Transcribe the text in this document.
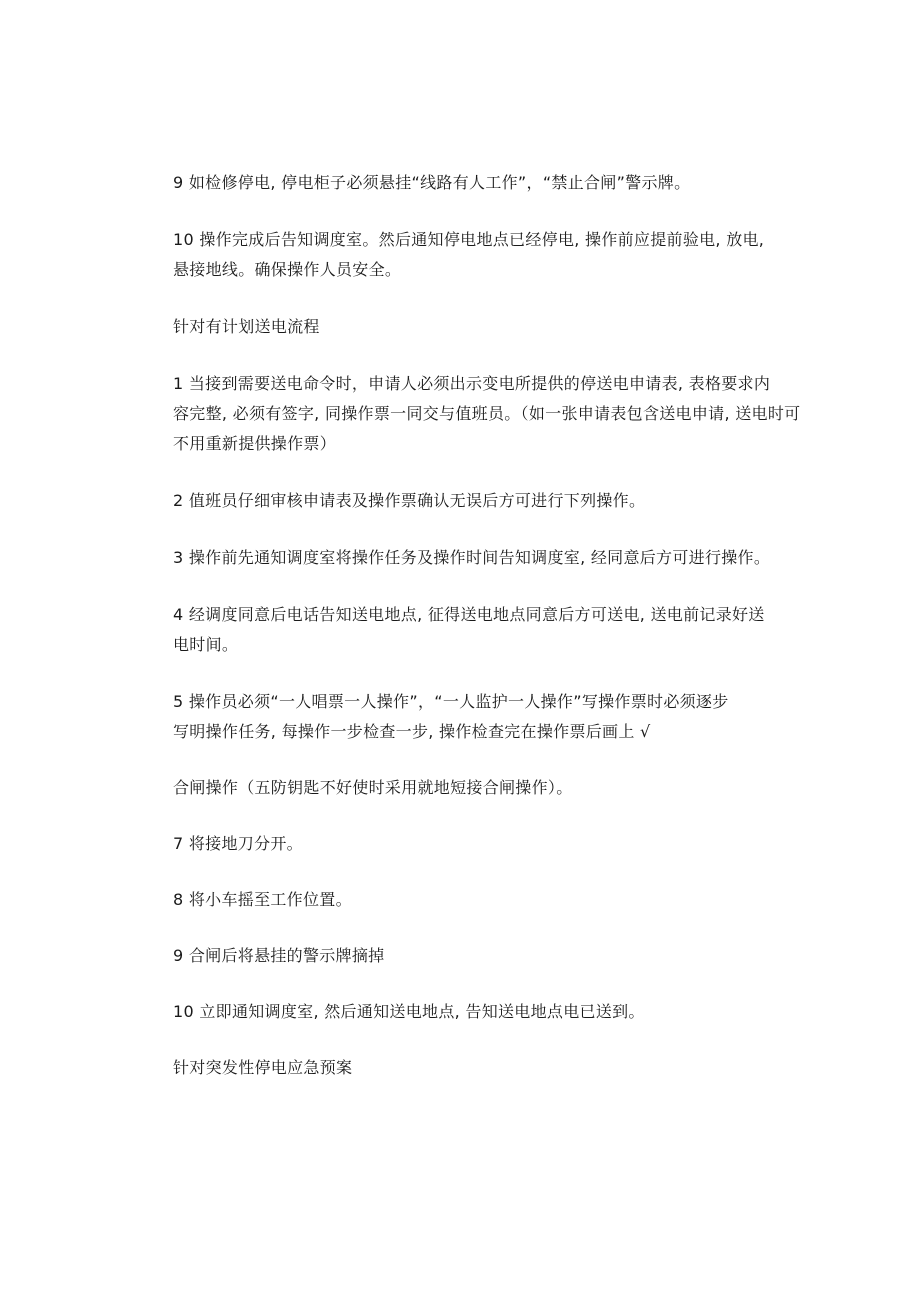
9 如检修停电, 停电柜子必须悬挂“线路有人工作”，“禁止合闸”警示牌。

10 操作完成后告知调度室。然后通知停电地点已经停电, 操作前应提前验电, 放电,
悬接地线。确保操作人员安全。

针对有计划送电流程

1 当接到需要送电命令时，申请人必须出示变电所提供的停送电申请表, 表格要求内
容完整, 必须有签字, 同操作票一同交与值班员。（如一张申请表包含送电申请, 送电时可
不用重新提供操作票）

2 值班员仔细审核申请表及操作票确认无误后方可进行下列操作。

3 操作前先通知调度室将操作任务及操作时间告知调度室, 经同意后方可进行操作。

4 经调度同意后电话告知送电地点, 征得送电地点同意后方可送电, 送电前记录好送
电时间。

5 操作员必须“一人唱票一人操作”，“一人监护一人操作”写操作票时必须逐步
写明操作任务, 每操作一步检查一步, 操作检查完在操作票后画上 √

合闸操作（五防钥匙不好使时采用就地短接合闸操作）。

7 将接地刀分开。

8 将小车摇至工作位置。

9 合闸后将悬挂的警示牌摘掉

10 立即通知调度室, 然后通知送电地点, 告知送电地点电已送到。

针对突发性停电应急预案
